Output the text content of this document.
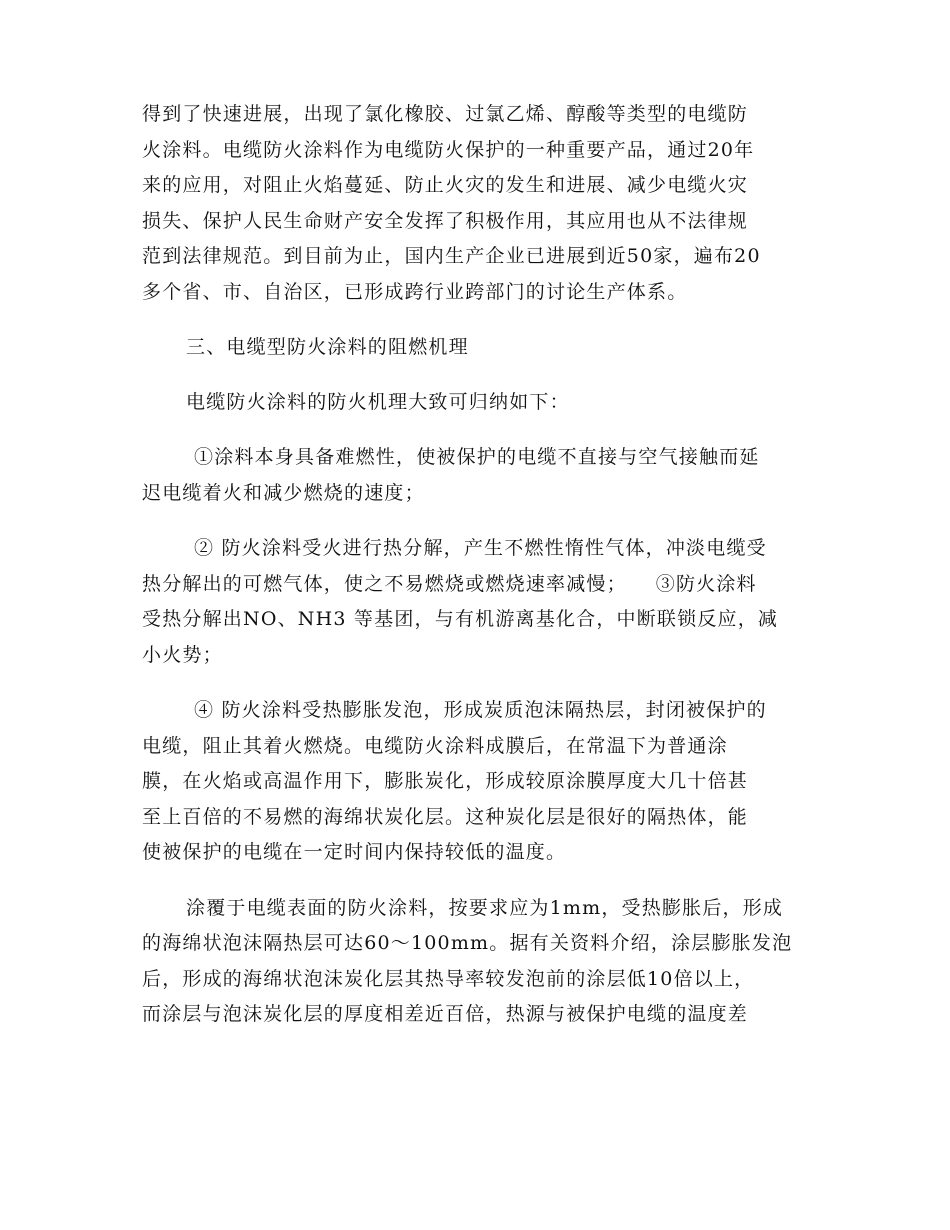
得到了快速进展，出现了氯化橡胶、过氯乙烯、醇酸等类型的电缆防
火涂料。电缆防火涂料作为电缆防火保护的一种重要产品，通过20年
来的应用，对阻止火焰蔓延、防止火灾的发生和进展、减少电缆火灾
损失、保护人民生命财产安全发挥了积极作用，其应用也从不法律规
范到法律规范。到目前为止，国内生产企业已进展到近50家，遍布20
多个省、市、自治区，已形成跨行业跨部门的讨论生产体系。
三、电缆型防火涂料的阻燃机理
电缆防火涂料的防火机理大致可归纳如下：
①涂料本身具备难燃性，使被保护的电缆不直接与空气接触而延
迟电缆着火和减少燃烧的速度；
② 防火涂料受火进行热分解，产生不燃性惰性气体，冲淡电缆受
热分解出的可燃气体，使之不易燃烧或燃烧速率减慢；    ③防火涂料
受热分解出NO、NH3 等基团，与有机游离基化合，中断联锁反应，减
小火势；
④ 防火涂料受热膨胀发泡，形成炭质泡沫隔热层，封闭被保护的
电缆，阻止其着火燃烧。电缆防火涂料成膜后，在常温下为普通涂
膜，在火焰或高温作用下，膨胀炭化，形成较原涂膜厚度大几十倍甚
至上百倍的不易燃的海绵状炭化层。这种炭化层是很好的隔热体，能
使被保护的电缆在一定时间内保持较低的温度。
涂覆于电缆表面的防火涂料，按要求应为1mm，受热膨胀后，形成
的海绵状泡沫隔热层可达60～100mm。据有关资料介绍，涂层膨胀发泡
后，形成的海绵状泡沫炭化层其热导率较发泡前的涂层低10倍以上，
而涂层与泡沫炭化层的厚度相差近百倍，热源与被保护电缆的温度差
